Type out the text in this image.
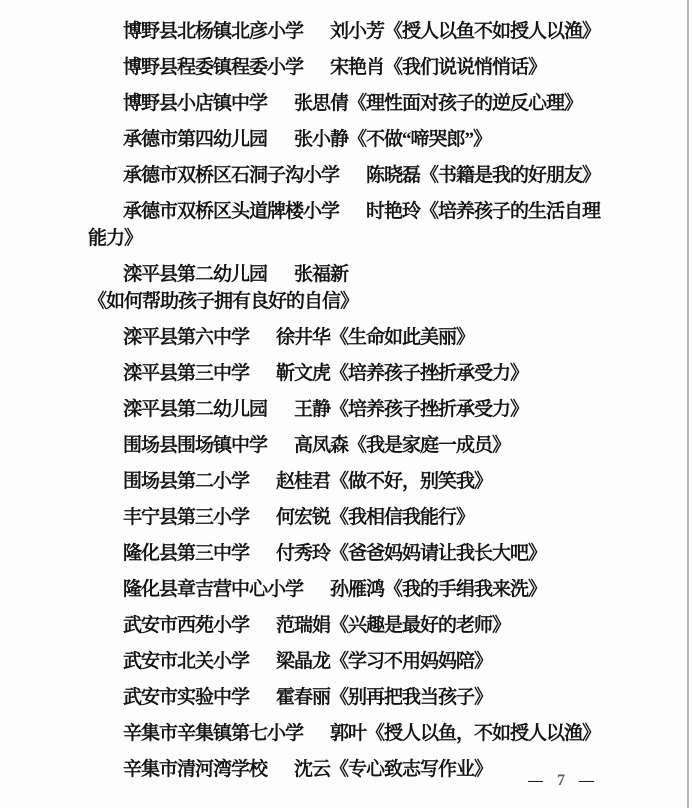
博野县北杨镇北彦小学 刘小芳《授人以鱼不如授人以渔》

博野县程委镇程委小学 宋艳肖《我们说说悄悄话》

博野县小店镇中学 张思倩《理性面对孩子的逆反心理》

承德市第四幼儿园 张小静《不做“啼哭郎”》

承德市双桥区石洞子沟小学 陈晓磊《书籍是我的好朋友》

承德市双桥区头道牌楼小学 时艳玲《培养孩子的生活自理能力》

滦平县第二幼儿园 张福新《如何帮助孩子拥有良好的自信》

滦平县第六中学 徐井华《生命如此美丽》

滦平县第三中学 靳文虎《培养孩子挫折承受力》

滦平县第二幼儿园 王静《培养孩子挫折承受力》

围场县围场镇中学 高凤森《我是家庭一成员》

围场县第二小学 赵桂君《做不好，别笑我》

丰宁县第三小学 何宏锐《我相信我能行》

隆化县第三中学 付秀玲《爸爸妈妈请让我长大吧》

隆化县章吉营中心小学 孙雁鸿《我的手绢我来洗》

武安市西苑小学 范瑞娟《兴趣是最好的老师》

武安市北关小学 梁晶龙《学习不用妈妈陪》

武安市实验中学 霍春丽《别再把我当孩子》

辛集市辛集镇第七小学 郭叶《授人以鱼，不如授人以渔》

辛集市清河湾学校 沈云《专心致志写作业》

— 7 —
